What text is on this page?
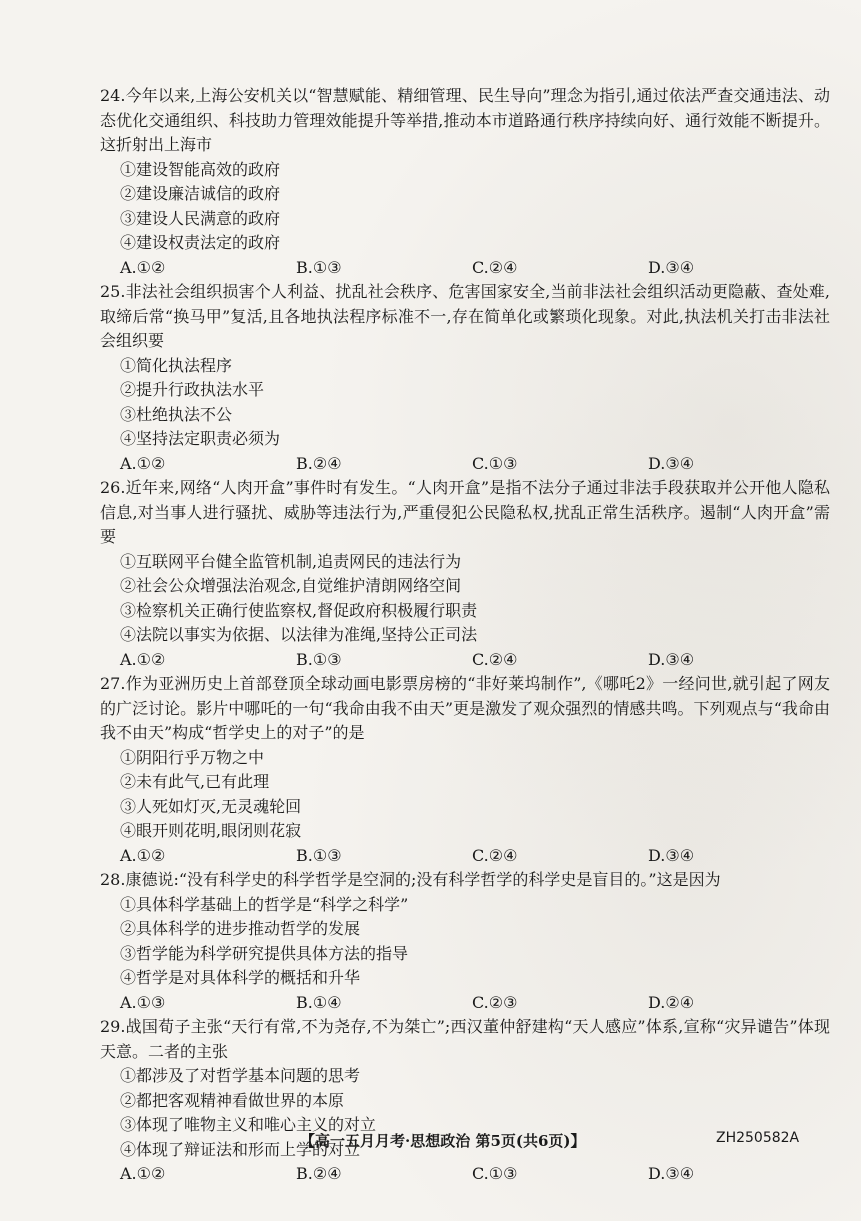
24.今年以来,上海公安机关以“智慧赋能、精细管理、民生导向”理念为指引,通过依法严查交通违法、动态优化交通组织、科技助力管理效能提升等举措,推动本市道路通行秩序持续向好、通行效能不断提升。这折射出上海市

①建设智能高效的政府

②建设廉洁诚信的政府

③建设人民满意的政府

④建设权责法定的政府

A.①②	B.①③	C.②④	D.③④

25.非法社会组织损害个人利益、扰乱社会秩序、危害国家安全,当前非法社会组织活动更隐蔽、查处难,取缔后常“换马甲”复活,且各地执法程序标准不一,存在简单化或繁琐化现象。对此,执法机关打击非法社会组织要

①简化执法程序

②提升行政执法水平

③杜绝执法不公

④坚持法定职责必须为

A.①②	B.②④	C.①③	D.③④

26.近年来,网络“人肉开盒”事件时有发生。“人肉开盒”是指不法分子通过非法手段获取并公开他人隐私信息,对当事人进行骚扰、威胁等违法行为,严重侵犯公民隐私权,扰乱正常生活秩序。遏制“人肉开盒”需要

①互联网平台健全监管机制,追责网民的违法行为

②社会公众增强法治观念,自觉维护清朗网络空间

③检察机关正确行使监察权,督促政府积极履行职责

④法院以事实为依据、以法律为准绳,坚持公正司法

A.①②	B.①③	C.②④	D.③④

27.作为亚洲历史上首部登顶全球动画电影票房榜的“非好莱坞制作”,《哪吒2》一经问世,就引起了网友的广泛讨论。影片中哪吒的一句“我命由我不由天”更是激发了观众强烈的情感共鸣。下列观点与“我命由我不由天”构成“哲学史上的对子”的是

①阴阳行乎万物之中

②未有此气,已有此理

③人死如灯灭,无灵魂轮回

④眼开则花明,眼闭则花寂

A.①②	B.①③	C.②④	D.③④

28.康德说:“没有科学史的科学哲学是空洞的;没有科学哲学的科学史是盲目的。”这是因为

①具体科学基础上的哲学是“科学之科学”

②具体科学的进步推动哲学的发展

③哲学能为科学研究提供具体方法的指导

④哲学是对具体科学的概括和升华

A.①③	B.①④	C.②③	D.②④

29.战国荀子主张“天行有常,不为尧存,不为桀亡”;西汉董仲舒建构“天人感应”体系,宣称“灾异谴告”体现天意。二者的主张

①都涉及了对哲学基本问题的思考

②都把客观精神看做世界的本原

③体现了唯物主义和唯心主义的对立

④体现了辩证法和形而上学的对立

A.①②	B.②④	C.①③	D.③④
【高一五月月考·思想政治 第5页(共6页)】	ZH250582A
